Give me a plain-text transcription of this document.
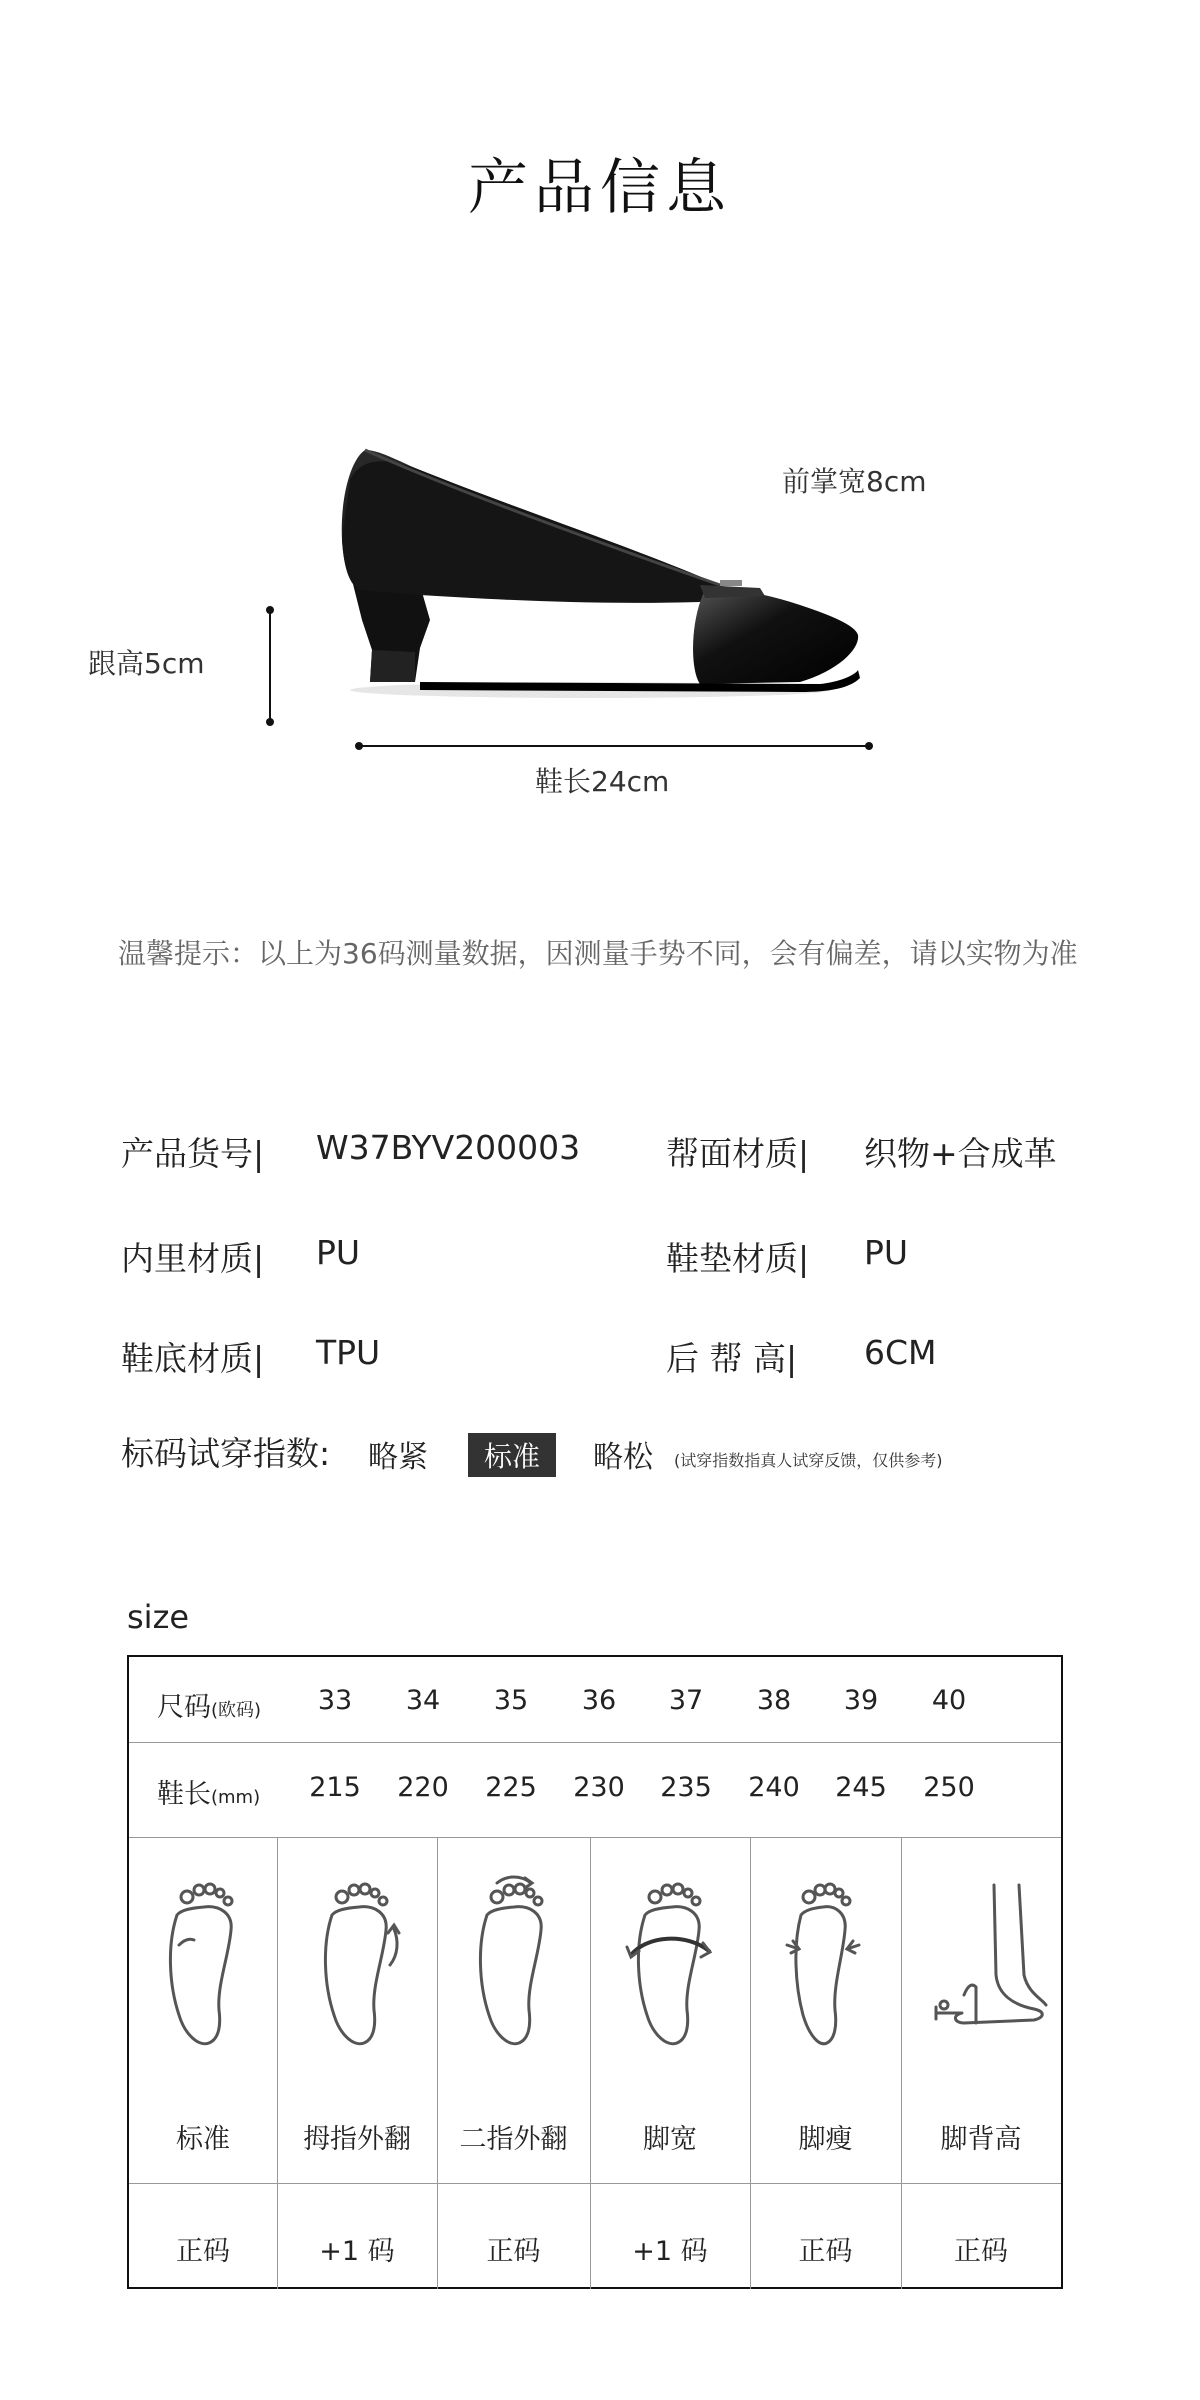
产品信息
前掌宽8cm
跟高5cm
鞋长24cm
温馨提示：以上为36码测量数据，因测量手势不同，会有偏差，请以实物为准
产品货号| W37BYV200003	帮面材质| 织物+合成革
内里材质| PU	鞋垫材质| PU
鞋底材质| TPU	后 帮 高| 6CM
标码试穿指数: 略紧	标准	略松 (试穿指数指真人试穿反馈，仅供参考)
size
尺码(欧码)	33	34	35	36	37	38	39	40
鞋长(mm)	215	220	225	230	235	240	245	250
标准	拇指外翻	二指外翻	脚宽	脚瘦	脚背高
正码	+1 码	正码	+1 码	正码	正码
